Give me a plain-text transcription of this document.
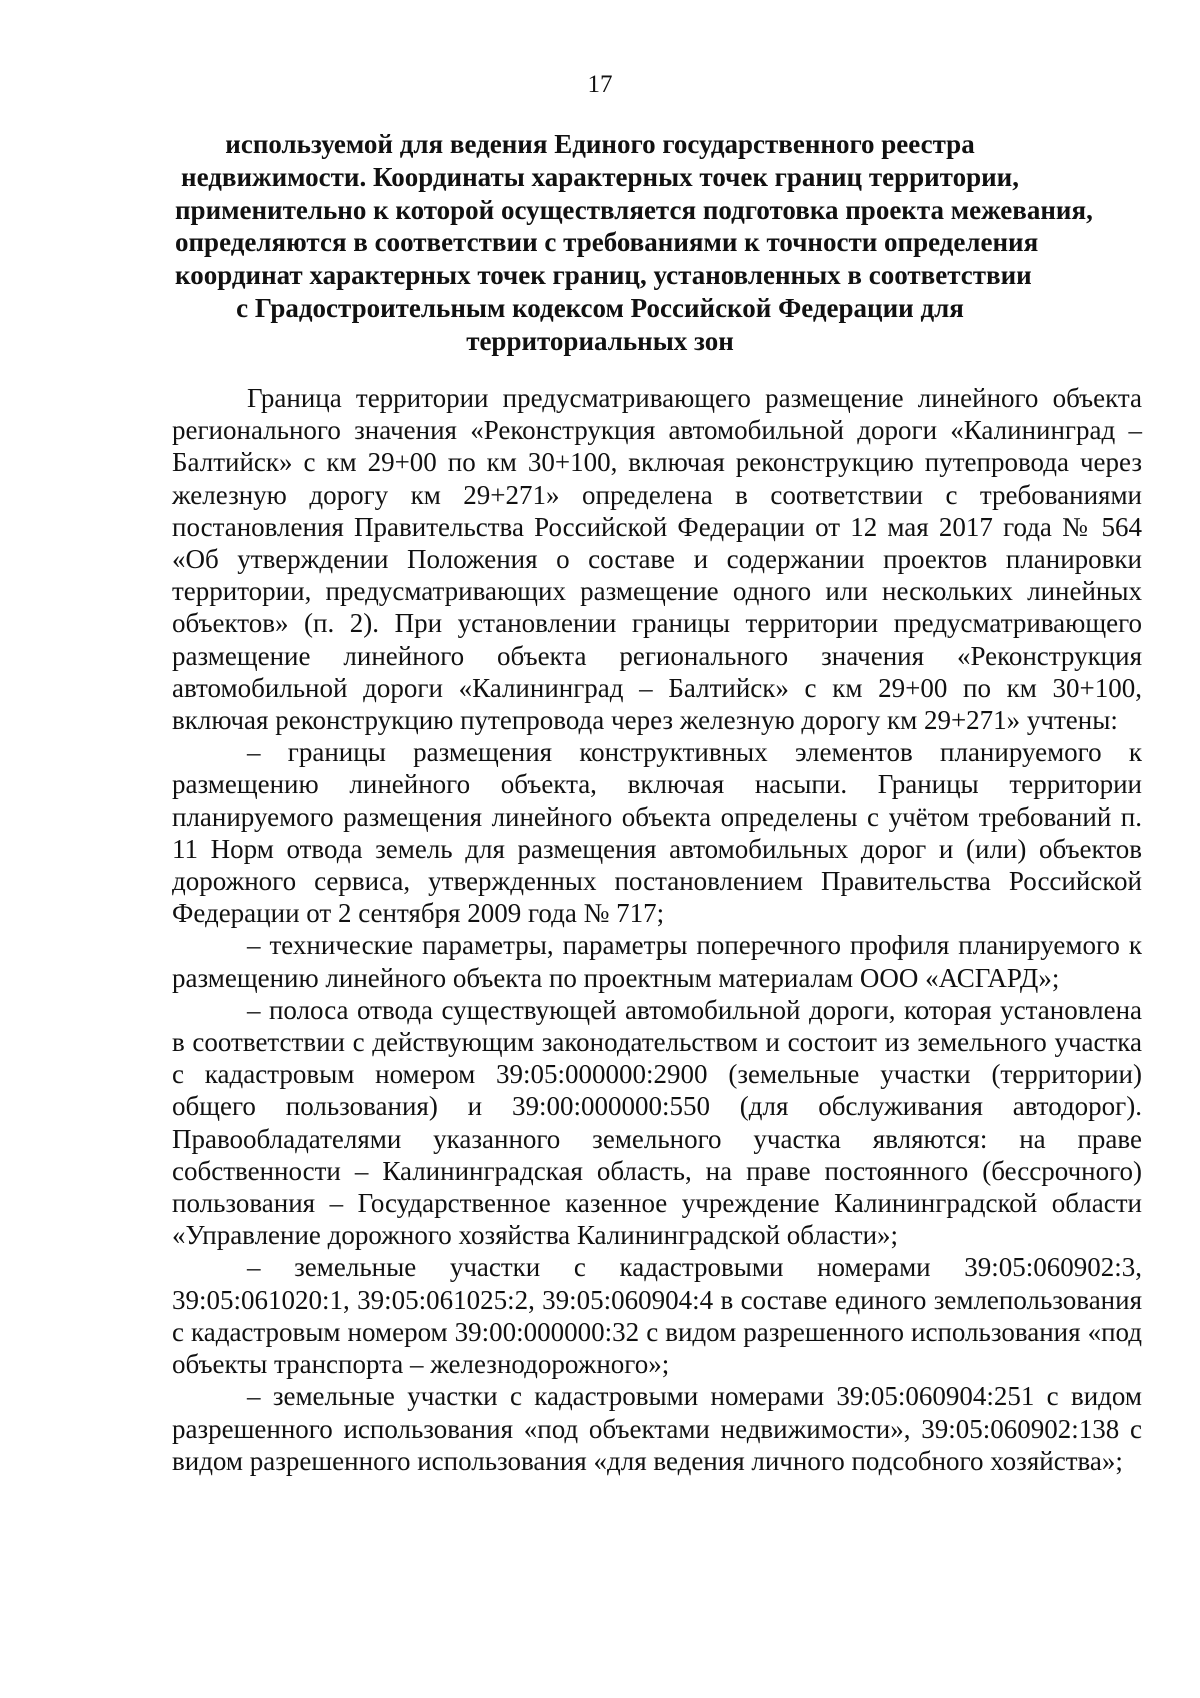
17
используемой для ведения Единого государственного реестра
недвижимости. Координаты характерных точек границ территории,
применительно к которой осуществляется подготовка проекта межевания,
определяются в соответствии с требованиями к точности определения
координат характерных точек границ, установленных в соответствии
с Градостроительным кодексом Российской Федерации для
территориальных зон

Граница территории предусматривающего размещение линейного объекта регионального значения «Реконструкция автомобильной дороги «Калининград – Балтийск» с км 29+00 по км 30+100, включая реконструкцию путепровода через железную дорогу км 29+271» определена в соответствии с требованиями постановления Правительства Российской Федерации от 12 мая 2017 года № 564 «Об утверждении Положения о составе и содержании проектов планировки территории, предусматривающих размещение одного или нескольких линейных объектов» (п. 2). При установлении границы территории предусматривающего размещение линейного объекта регионального значения «Реконструкция автомобильной дороги «Калининград – Балтийск» с км 29+00 по км 30+100, включая реконструкцию путепровода через железную дорогу км 29+271» учтены:

– границы размещения конструктивных элементов планируемого к размещению линейного объекта, включая насыпи. Границы территории планируемого размещения линейного объекта определены с учётом требований п. 11 Норм отвода земель для размещения автомобильных дорог и (или) объектов дорожного сервиса, утвержденных постановлением Правительства Российской Федерации от 2 сентября 2009 года № 717;

– технические параметры, параметры поперечного профиля планируемого к размещению линейного объекта по проектным материалам ООО «АСГАРД»;

– полоса отвода существующей автомобильной дороги, которая установлена в соответствии с действующим законодательством и состоит из земельного участка с кадастровым номером 39:05:000000:2900 (земельные участки (территории) общего пользования) и 39:00:000000:550 (для обслуживания автодорог). Правообладателями указанного земельного участка являются: на праве собственности – Калининградская область, на праве постоянного (бессрочного) пользования – Государственное казенное учреждение Калининградской области «Управление дорожного хозяйства Калининградской области»;

– земельные участки с кадастровыми номерами 39:05:060902:3, 39:05:061020:1, 39:05:061025:2, 39:05:060904:4 в составе единого землепользования с кадастровым номером 39:00:000000:32 с видом разрешенного использования «под объекты транспорта – железнодорожного»;

– земельные участки с кадастровыми номерами 39:05:060904:251 с видом разрешенного использования «под объектами недвижимости», 39:05:060902:138 с видом разрешенного использования «для ведения личного подсобного хозяйства»;
